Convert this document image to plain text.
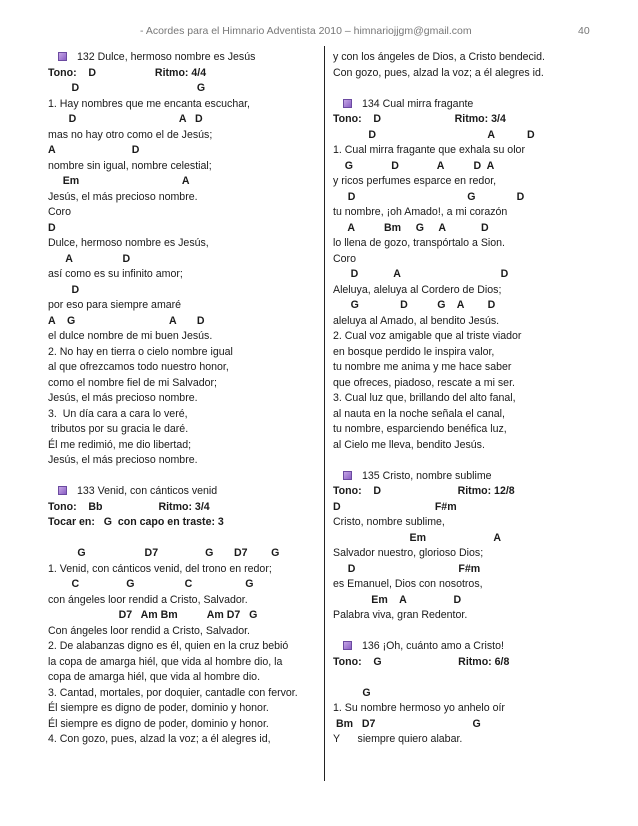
- Acordes para el Himnario Adventista 2010 – himnariojjgm@gmail.com	40
132 Dulce, hermoso nombre es Jesús
Tono:    D                    Ritmo: 4/4
D                                        G
1. Hay nombres que me encanta escuchar,
D                                   A   D
mas no hay otro como el de Jesús;
A                          D
nombre sin igual, nombre celestial;
Em                                   A
Jesús, el más precioso nombre.
Coro
D
Dulce, hermoso nombre es Jesús,
A                 D
así como es su infinito amor;
D
por eso para siempre amaré
A    G                                A       D
el dulce nombre de mi buen Jesús.
2. No hay en tierra o cielo nombre igual
al que ofrezcamos todo nuestro honor,
como el nombre fiel de mi Salvador;
Jesús, el más precioso nombre.
3.  Un día cara a cara lo veré,
tributos por su gracia le daré.
Él me redimió, me dio libertad;
Jesús, el más precioso nombre.
133 Venid, con cánticos venid
Tono:    Bb                   Ritmo: 3/4
Tocar en:   G  con capo en traste: 3
G                    D7                G       D7        G
1. Venid, con cánticos venid, del trono en redor;
C                G                 C                  G
con ángeles loor rendid a Cristo, Salvador.
D7   Am Bm          Am D7   G
Con ángeles loor rendid a Cristo, Salvador.
2. De alabanzas digno es él, quien en la cruz bebió
la copa de amarga hiél, que vida al hombre dio, la
copa de amarga hiél, que vida al hombre dio.
3. Cantad, mortales, por doquier, cantadle con fervor.
Él siempre es digno de poder, dominio y honor.
Él siempre es digno de poder, dominio y honor.
4. Con gozo, pues, alzad la voz; a él alegres id,
y con los ángeles de Dios, a Cristo bendecid.
Con gozo, pues, alzad la voz; a él alegres id.
134 Cual mirra fragante
Tono:    D                         Ritmo: 3/4
D                                      A           D
1. Cual mirra fragante que exhala su olor
G             D             A          D  A
y ricos perfumes esparce en redor,
D                                      G              D
tu nombre, ¡oh Amado!, a mi corazón
A          Bm     G     A            D
lo llena de gozo, transpórtalo a Sion.
Coro
D            A                                  D
Aleluya, aleluya al Cordero de Dios;
G              D          G    A        D
aleluya al Amado, al bendito Jesús.
2. Cual voz amigable que al triste viador
en bosque perdido le inspira valor,
tu nombre me anima y me hace saber
que ofreces, piadoso, rescate a mi ser.
3. Cual luz que, brillando del alto fanal,
al nauta en la noche señala el canal,
tu nombre, esparciendo benéfica luz,
al Cielo me lleva, bendito Jesús.
135 Cristo, nombre sublime
Tono:    D                          Ritmo: 12/8
D                                F#m
Cristo, nombre sublime,
Em                       A
Salvador nuestro, glorioso Dios;
D                                   F#m
es Emanuel, Dios con nosotros,
Em    A                D
Palabra viva, gran Redentor.
136 ¡Oh, cuánto amo a Cristo!
Tono:    G                          Ritmo: 6/8
G
1. Su nombre hermoso yo anhelo oír
Bm   D7                                 G
Y      siempre quiero alabar.
